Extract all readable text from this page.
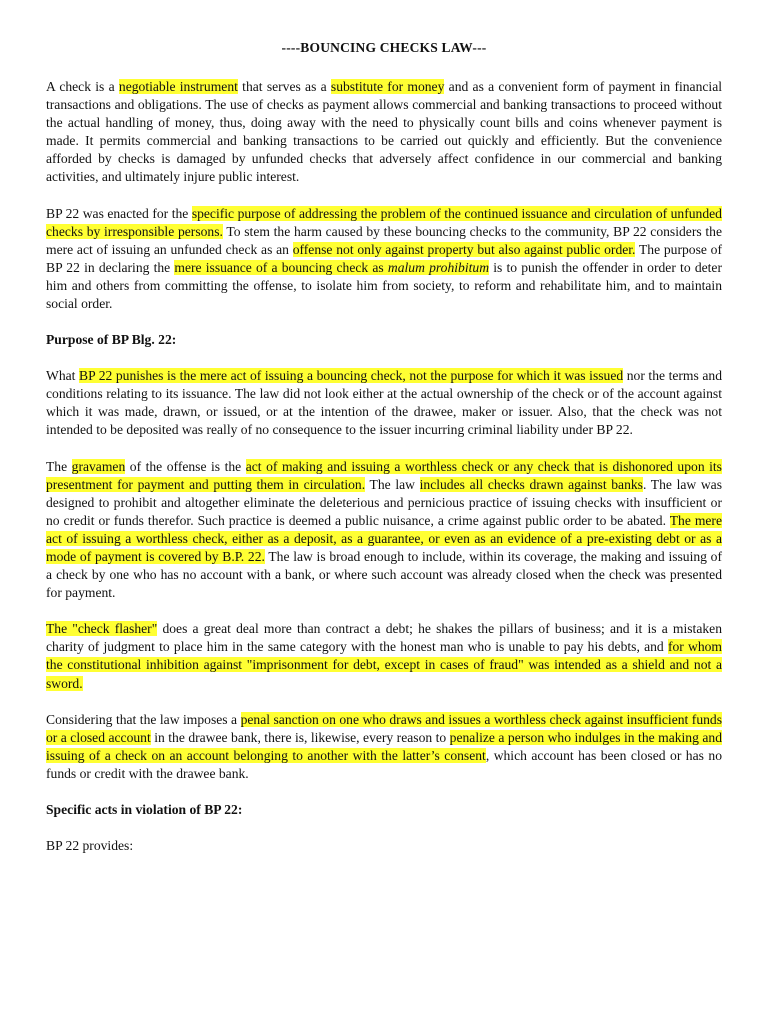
----BOUNCING CHECKS LAW---

A check is a negotiable instrument that serves as a substitute for money and as a convenient form of payment in financial transactions and obligations. The use of checks as payment allows commercial and banking transactions to proceed without the actual handling of money, thus, doing away with the need to physically count bills and coins whenever payment is made. It permits commercial and banking transactions to be carried out quickly and efficiently. But the convenience afforded by checks is damaged by unfunded checks that adversely affect confidence in our commercial and banking activities, and ultimately injure public interest.

BP 22 was enacted for the specific purpose of addressing the problem of the continued issuance and circulation of unfunded checks by irresponsible persons. To stem the harm caused by these bouncing checks to the community, BP 22 considers the mere act of issuing an unfunded check as an offense not only against property but also against public order. The purpose of BP 22 in declaring the mere issuance of a bouncing check as malum prohibitum is to punish the offender in order to deter him and others from committing the offense, to isolate him from society, to reform and rehabilitate him, and to maintain social order.

Purpose of BP Blg. 22:

What BP 22 punishes is the mere act of issuing a bouncing check, not the purpose for which it was issued nor the terms and conditions relating to its issuance. The law did not look either at the actual ownership of the check or of the account against which it was made, drawn, or issued, or at the intention of the drawee, maker or issuer. Also, that the check was not intended to be deposited was really of no consequence to the issuer incurring criminal liability under BP 22.

The gravamen of the offense is the act of making and issuing a worthless check or any check that is dishonored upon its presentment for payment and putting them in circulation. The law includes all checks drawn against banks. The law was designed to prohibit and altogether eliminate the deleterious and pernicious practice of issuing checks with insufficient or no credit or funds therefor. Such practice is deemed a public nuisance, a crime against public order to be abated. The mere act of issuing a worthless check, either as a deposit, as a guarantee, or even as an evidence of a pre-existing debt or as a mode of payment is covered by B.P. 22. The law is broad enough to include, within its coverage, the making and issuing of a check by one who has no account with a bank, or where such account was already closed when the check was presented for payment.

The "check flasher" does a great deal more than contract a debt; he shakes the pillars of business; and it is a mistaken charity of judgment to place him in the same category with the honest man who is unable to pay his debts, and for whom the constitutional inhibition against "imprisonment for debt, except in cases of fraud" was intended as a shield and not a sword.

Considering that the law imposes a penal sanction on one who draws and issues a worthless check against insufficient funds or a closed account in the drawee bank, there is, likewise, every reason to penalize a person who indulges in the making and issuing of a check on an account belonging to another with the latter’s consent, which account has been closed or has no funds or credit with the drawee bank.

Specific acts in violation of BP 22:

BP 22 provides:
